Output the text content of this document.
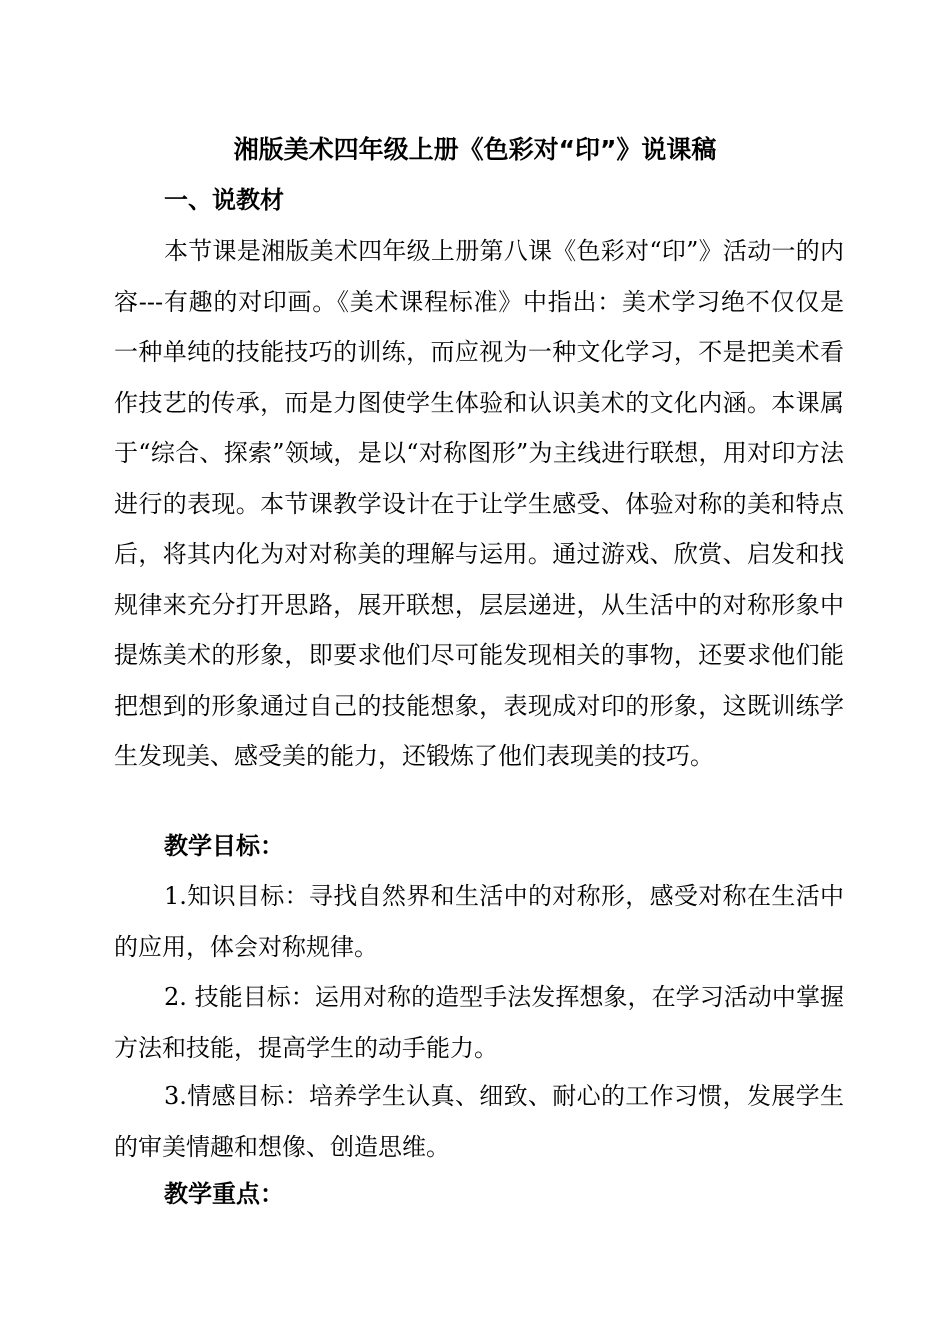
湘版美术四年级上册《色彩对“印”》说课稿
一、说教材

本节课是湘版美术四年级上册第八课《色彩对“印”》活动一的内容---有趣的对印画。《美术课程标准》中指出：美术学习绝不仅仅是一种单纯的技能技巧的训练，而应视为一种文化学习，不是把美术看作技艺的传承，而是力图使学生体验和认识美术的文化内涵。本课属于“综合、探索”领域，是以“对称图形”为主线进行联想，用对印方法进行的表现。本节课教学设计在于让学生感受、体验对称的美和特点后，将其内化为对对称美的理解与运用。通过游戏、欣赏、启发和找规律来充分打开思路，展开联想，层层递进，从生活中的对称形象中提炼美术的形象，即要求他们尽可能发现相关的事物，还要求他们能把想到的形象通过自己的技能想象，表现成对印的形象，这既训练学生发现美、感受美的能力，还锻炼了他们表现美的技巧。

教学目标：

1.知识目标：寻找自然界和生活中的对称形，感受对称在生活中的应用，体会对称规律。

2. 技能目标：运用对称的造型手法发挥想象，在学习活动中掌握方法和技能，提高学生的动手能力。

3.情感目标：培养学生认真、细致、耐心的工作习惯，发展学生的审美情趣和想像、创造思维。

教学重点：
